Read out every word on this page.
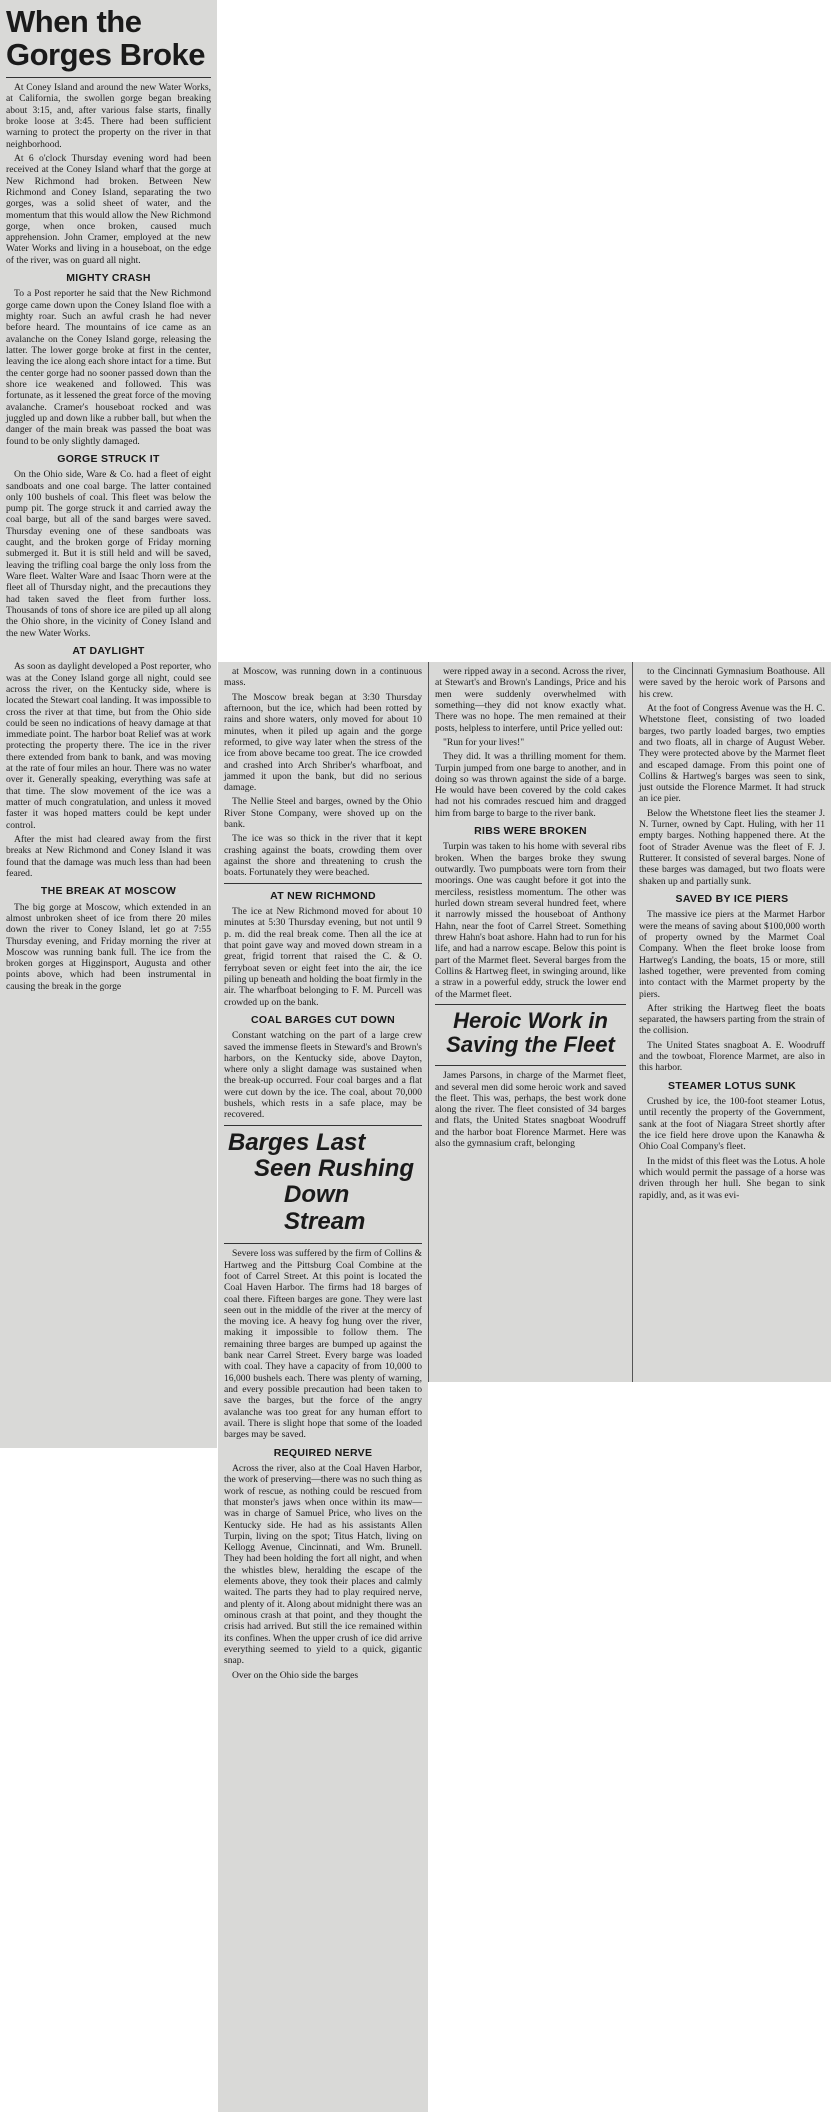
When the
Gorges Broke

At Coney Island and around the new Water Works, at California, the swollen gorge began breaking about 3:15, and, after various false starts, finally broke loose at 3:45. There had been sufficient warning to protect the property on the river in that neighborhood.

At 6 o'clock Thursday evening word had been received at the Coney Island wharf that the gorge at New Richmond had broken. Between New Richmond and Coney Island, separating the two gorges, was a solid sheet of water, and the momentum that this would allow the New Richmond gorge, when once broken, caused much apprehension. John Cramer, employed at the new Water Works and living in a houseboat, on the edge of the river, was on guard all night.

MIGHTY CRASH

To a Post reporter he said that the New Richmond gorge came down upon the Coney Island floe with a mighty roar. Such an awful crash he had never before heard. The mountains of ice came as an avalanche on the Coney Island gorge, releasing the latter. The lower gorge broke at first in the center, leaving the ice along each shore intact for a time. But the center gorge had no sooner passed down than the shore ice weakened and followed. This was fortunate, as it lessened the great force of the moving avalanche. Cramer's houseboat rocked and was juggled up and down like a rubber ball, but when the danger of the main break was passed the boat was found to be only slightly damaged.

GORGE STRUCK IT

On the Ohio side, Ware & Co. had a fleet of eight sandboats and one coal barge. The latter contained only 100 bushels of coal. This fleet was below the pump pit. The gorge struck it and carried away the coal barge, but all of the sand barges were saved. Thursday evening one of these sandboats was caught, and the broken gorge of Friday morning submerged it. But it is still held and will be saved, leaving the trifling coal barge the only loss from the Ware fleet. Walter Ware and Isaac Thorn were at the fleet all of Thursday night, and the precautions they had taken saved the fleet from further loss. Thousands of tons of shore ice are piled up all along the Ohio shore, in the vicinity of Coney Island and the new Water Works.

AT DAYLIGHT

As soon as daylight developed a Post reporter, who was at the Coney Island gorge all night, could see across the river, on the Kentucky side, where is located the Stewart coal landing. It was impossible to cross the river at that time, but from the Ohio side could be seen no indications of heavy damage at that immediate point. The harbor boat Relief was at work protecting the property there. The ice in the river there extended from bank to bank, and was moving at the rate of four miles an hour. There was no water over it. Generally speaking, everything was safe at that time. The slow movement of the ice was a matter of much congratulation, and unless it moved faster it was hoped matters could be kept under control.

After the mist had cleared away from the first breaks at New Richmond and Coney Island it was found that the damage was much less than had been feared.

THE BREAK AT MOSCOW

The big gorge at Moscow, which extended in an almost unbroken sheet of ice from there 20 miles down the river to Coney Island, let go at 7:55 Thursday evening, and Friday morning the river at Moscow was running bank full. The ice from the broken gorges at Higginsport, Augusta and other points above, which had been instrumental in causing the break in the gorge

at Moscow, was running down in a continuous mass.

The Moscow break began at 3:30 Thursday afternoon, but the ice, which had been rotted by rains and shore waters, only moved for about 10 minutes, when it piled up again and the gorge reformed, to give way later when the stress of the ice from above became too great. The ice crowded and crashed into Arch Shriber's wharfboat, and jammed it upon the bank, but did no serious damage.

The Nellie Steel and barges, owned by the Ohio River Stone Company, were shoved up on the bank.

The ice was so thick in the river that it kept crashing against the boats, crowding them over against the shore and threatening to crush the boats. Fortunately they were beached.

AT NEW RICHMOND

The ice at New Richmond moved for about 10 minutes at 5:30 Thursday evening, but not until 9 p. m. did the real break come. Then all the ice at that point gave way and moved down stream in a great, frigid torrent that raised the C. & O. ferryboat seven or eight feet into the air, the ice piling up beneath and holding the boat firmly in the air. The wharfboat belonging to F. M. Purcell was crowded up on the bank.

COAL BARGES CUT DOWN

Constant watching on the part of a large crew saved the immense fleets in Steward's and Brown's harbors, on the Kentucky side, above Dayton, where only a slight damage was sustained when the break-up occurred. Four coal barges and a flat were cut down by the ice. The coal, about 70,000 bushels, which rests in a safe place, may be recovered.

Barges Last
Seen Rushing
Down Stream

Severe loss was suffered by the firm of Collins & Hartweg and the Pittsburg Coal Combine at the foot of Carrel Street. At this point is located the Coal Haven Harbor. The firms had 18 barges of coal there. Fifteen barges are gone. They were last seen out in the middle of the river at the mercy of the moving ice. A heavy fog hung over the river, making it impossible to follow them. The remaining three barges are bumped up against the bank near Carrel Street. Every barge was loaded with coal. They have a capacity of from 10,000 to 16,000 bushels each. There was plenty of warning, and every possible precaution had been taken to save the barges, but the force of the angry avalanche was too great for any human effort to avail. There is slight hope that some of the loaded barges may be saved.

REQUIRED NERVE

Across the river, also at the Coal Haven Harbor, the work of preserving—there was no such thing as work of rescue, as nothing could be rescued from that monster's jaws when once within its maw—was in charge of Samuel Price, who lives on the Kentucky side. He had as his assistants Allen Turpin, living on the spot; Titus Hatch, living on Kellogg Avenue, Cincinnati, and Wm. Brunell. They had been holding the fort all night, and when the whistles blew, heralding the escape of the elements above, they took their places and calmly waited. The parts they had to play required nerve, and plenty of it. Along about midnight there was an ominous crash at that point, and they thought the crisis had arrived. But still the ice remained within its confines. When the upper crush of ice did arrive everything seemed to yield to a quick, gigantic snap.

Over on the Ohio side the barges

were ripped away in a second. Across the river, at Stewart's and Brown's Landings, Price and his men were suddenly overwhelmed with something—they did not know exactly what. There was no hope. The men remained at their posts, helpless to interfere, until Price yelled out:

"Run for your lives!"

They did. It was a thrilling moment for them. Turpin jumped from one barge to another, and in doing so was thrown against the side of a barge. He would have been covered by the cold cakes had not his comrades rescued him and dragged him from barge to barge to the river bank.

RIBS WERE BROKEN

Turpin was taken to his home with several ribs broken. When the barges broke they swung outwardly. Two pumpboats were torn from their moorings. One was caught before it got into the merciless, resistless momentum. The other was hurled down stream several hundred feet, where it narrowly missed the houseboat of Anthony Hahn, near the foot of Carrel Street. Something threw Hahn's boat ashore. Hahn had to run for his life, and had a narrow escape. Below this point is part of the Marmet fleet. Several barges from the Collins & Hartweg fleet, in swinging around, like a straw in a powerful eddy, struck the lower end of the Marmet fleet.

Heroic Work in
Saving the Fleet

James Parsons, in charge of the Marmet fleet, and several men did some heroic work and saved the fleet. This was, perhaps, the best work done along the river. The fleet consisted of 34 barges and flats, the United States snagboat Woodruff and the harbor boat Florence Marmet. Here was also the gymnasium craft, belonging

to the Cincinnati Gymnasium Boathouse. All were saved by the heroic work of Parsons and his crew.

At the foot of Congress Avenue was the H. C. Whetstone fleet, consisting of two loaded barges, two partly loaded barges, two empties and two floats, all in charge of August Weber. They were protected above by the Marmet fleet and escaped damage. From this point one of Collins & Hartweg's barges was seen to sink, just outside the Florence Marmet. It had struck an ice pier.

Below the Whetstone fleet lies the steamer J. N. Turner, owned by Capt. Huling, with her 11 empty barges. Nothing happened there. At the foot of Strader Avenue was the fleet of F. J. Rutterer. It consisted of several barges. None of these barges was damaged, but two floats were shaken up and partially sunk.

SAVED BY ICE PIERS

The massive ice piers at the Marmet Harbor were the means of saving about $100,000 worth of property owned by the Marmet Coal Company. When the fleet broke loose from Hartweg's Landing, the boats, 15 or more, still lashed together, were prevented from coming into contact with the Marmet property by the piers.

After striking the Hartweg fleet the boats separated, the hawsers parting from the strain of the collision.

The United States snagboat A. E. Woodruff and the towboat, Florence Marmet, are also in this harbor.

STEAMER LOTUS SUNK

Crushed by ice, the 100-foot steamer Lotus, until recently the property of the Government, sank at the foot of Niagara Street shortly after the ice field here drove upon the Kanawha & Ohio Coal Company's fleet.

In the midst of this fleet was the Lotus. A hole which would permit the passage of a horse was driven through her hull. She began to sink rapidly, and, as it was evi-
